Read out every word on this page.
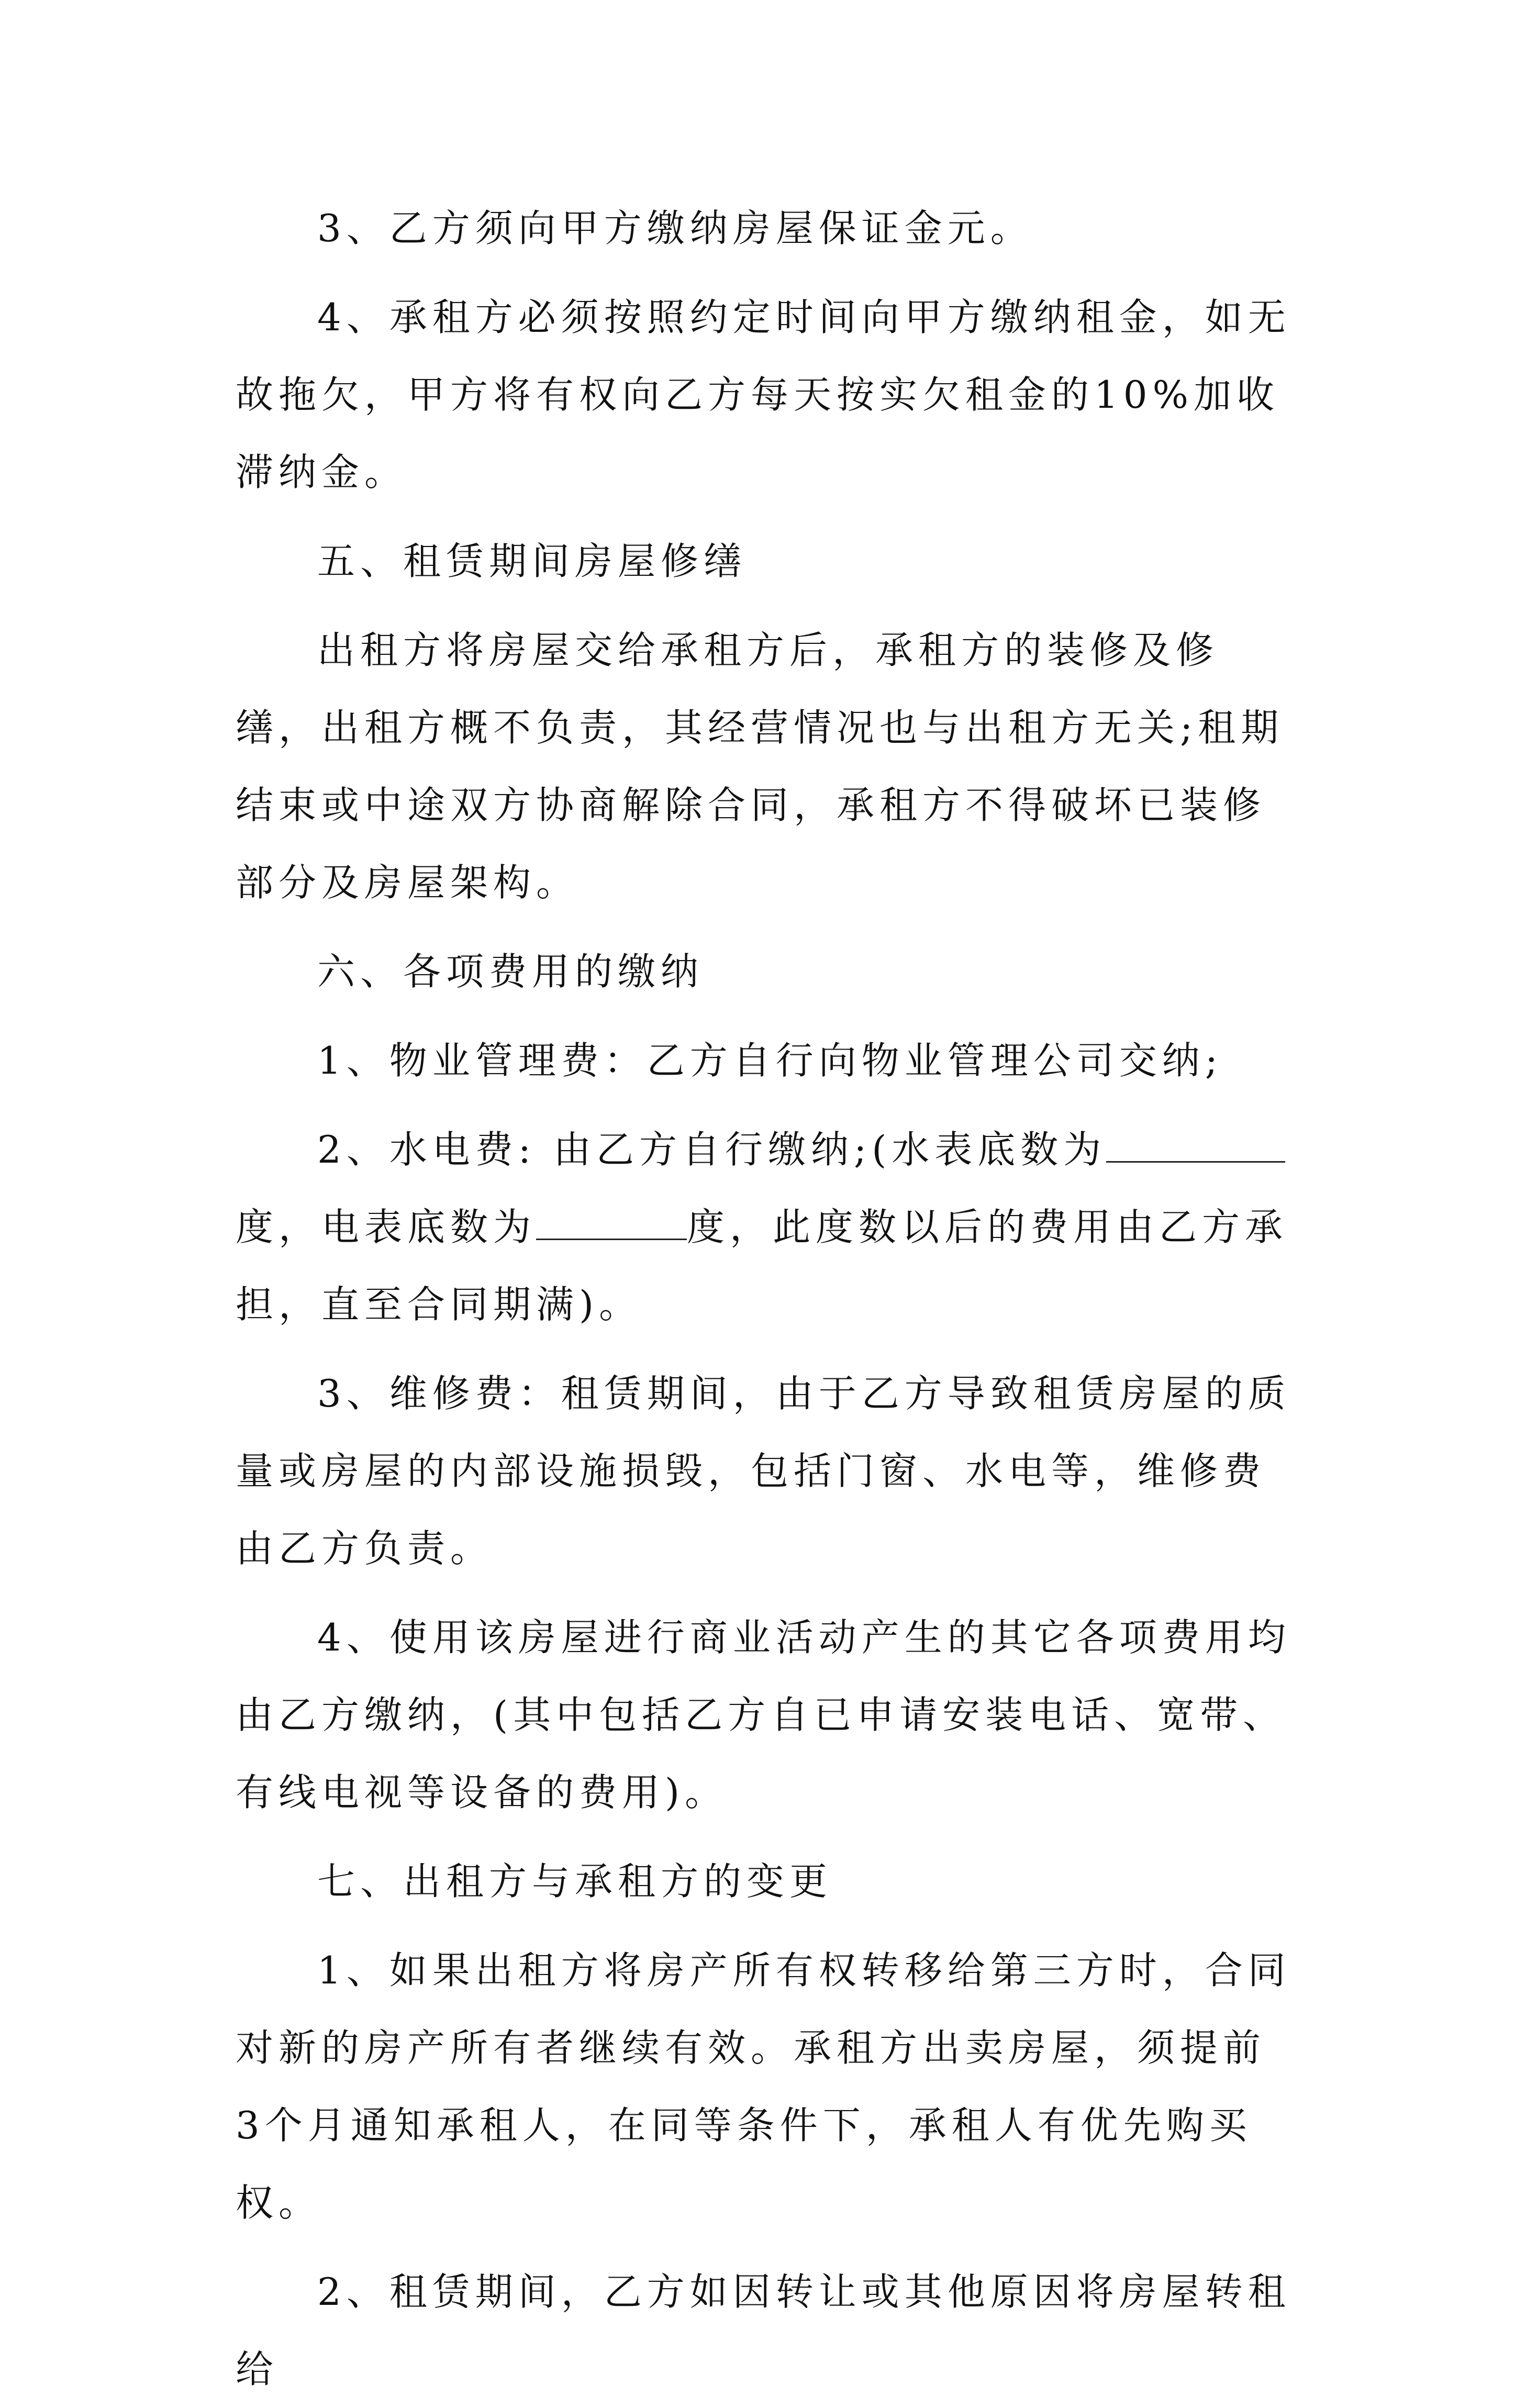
3、乙方须向甲方缴纳房屋保证金元。

4、承租方必须按照约定时间向甲方缴纳租金，如无故拖欠，甲方将有权向乙方每天按实欠租金的10%加收滞纳金。

五、租赁期间房屋修缮

出租方将房屋交给承租方后，承租方的装修及修缮，出租方概不负责，其经营情况也与出租方无关;租期结束或中途双方协商解除合同，承租方不得破坏已装修部分及房屋架构。

六、各项费用的缴纳

1、物业管理费：乙方自行向物业管理公司交纳;

2、水电费: 由乙方自行缴纳;(水表底数为度，电表底数为	度，此度数以后的费用由乙方承担，直至合同期满)。

3、维修费：租赁期间，由于乙方导致租赁房屋的质量或房屋的内部设施损毁，包括门窗、水电等，维修费由乙方负责。

4、使用该房屋进行商业活动产生的其它各项费用均由乙方缴纳，(其中包括乙方自已申请安装电话、宽带、有线电视等设备的费用)。

七、出租方与承租方的变更

1、如果出租方将房产所有权转移给第三方时，合同对新的房产所有者继续有效。承租方出卖房屋，须提前3个月通知承租人，在同等条件下，承租人有优先购买权。

2、租赁期间，乙方如因转让或其他原因将房屋转租给
